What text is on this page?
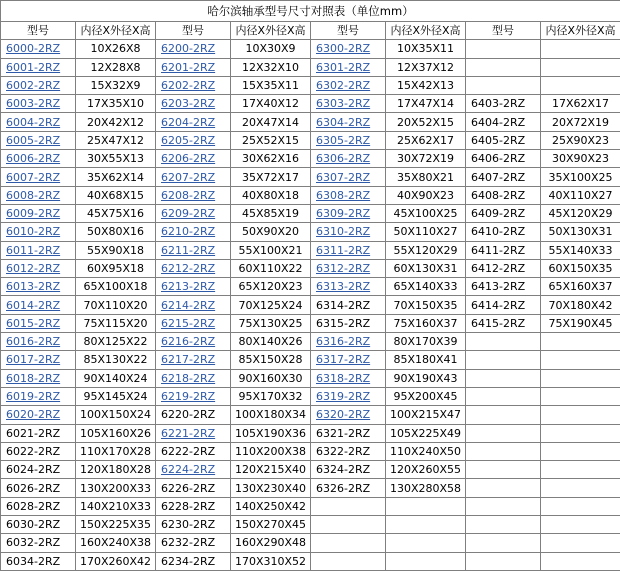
哈尔滨轴承型号尺寸对照表（单位mm）							
型号	内径X外径X高	型号	内径X外径X高	型号	内径X外径X高	型号	内径X外径X高
6000-2RZ	10X26X8	6200-2RZ	10X30X9	6300-2RZ	10X35X11		
6001-2RZ	12X28X8	6201-2RZ	12X32X10	6301-2RZ	12X37X12		
6002-2RZ	15X32X9	6202-2RZ	15X35X11	6302-2RZ	15X42X13		
6003-2RZ	17X35X10	6203-2RZ	17X40X12	6303-2RZ	17X47X14	6403-2RZ	17X62X17
6004-2RZ	20X42X12	6204-2RZ	20X47X14	6304-2RZ	20X52X15	6404-2RZ	20X72X19
6005-2RZ	25X47X12	6205-2RZ	25X52X15	6305-2RZ	25X62X17	6405-2RZ	25X90X23
6006-2RZ	30X55X13	6206-2RZ	30X62X16	6306-2RZ	30X72X19	6406-2RZ	30X90X23
6007-2RZ	35X62X14	6207-2RZ	35X72X17	6307-2RZ	35X80X21	6407-2RZ	35X100X25
6008-2RZ	40X68X15	6208-2RZ	40X80X18	6308-2RZ	40X90X23	6408-2RZ	40X110X27
6009-2RZ	45X75X16	6209-2RZ	45X85X19	6309-2RZ	45X100X25	6409-2RZ	45X120X29
6010-2RZ	50X80X16	6210-2RZ	50X90X20	6310-2RZ	50X110X27	6410-2RZ	50X130X31
6011-2RZ	55X90X18	6211-2RZ	55X100X21	6311-2RZ	55X120X29	6411-2RZ	55X140X33
6012-2RZ	60X95X18	6212-2RZ	60X110X22	6312-2RZ	60X130X31	6412-2RZ	60X150X35
6013-2RZ	65X100X18	6213-2RZ	65X120X23	6313-2RZ	65X140X33	6413-2RZ	65X160X37
6014-2RZ	70X110X20	6214-2RZ	70X125X24	6314-2RZ	70X150X35	6414-2RZ	70X180X42
6015-2RZ	75X115X20	6215-2RZ	75X130X25	6315-2RZ	75X160X37	6415-2RZ	75X190X45
6016-2RZ	80X125X22	6216-2RZ	80X140X26	6316-2RZ	80X170X39		
6017-2RZ	85X130X22	6217-2RZ	85X150X28	6317-2RZ	85X180X41		
6018-2RZ	90X140X24	6218-2RZ	90X160X30	6318-2RZ	90X190X43		
6019-2RZ	95X145X24	6219-2RZ	95X170X32	6319-2RZ	95X200X45		
6020-2RZ	100X150X24	6220-2RZ	100X180X34	6320-2RZ	100X215X47		
6021-2RZ	105X160X26	6221-2RZ	105X190X36	6321-2RZ	105X225X49		
6022-2RZ	110X170X28	6222-2RZ	110X200X38	6322-2RZ	110X240X50		
6024-2RZ	120X180X28	6224-2RZ	120X215X40	6324-2RZ	120X260X55		
6026-2RZ	130X200X33	6226-2RZ	130X230X40	6326-2RZ	130X280X58		
6028-2RZ	140X210X33	6228-2RZ	140X250X42				
6030-2RZ	150X225X35	6230-2RZ	150X270X45				
6032-2RZ	160X240X38	6232-2RZ	160X290X48				
6034-2RZ	170X260X42	6234-2RZ	170X310X52				
